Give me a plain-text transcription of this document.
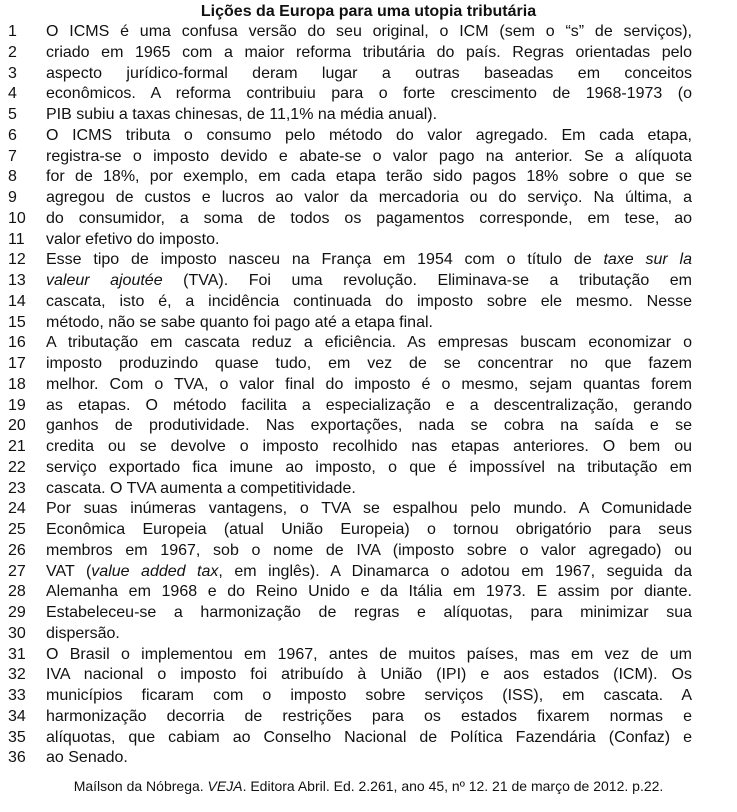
Lições da Europa para uma utopia tributária
1	O ICMS é uma confusa versão do seu original, o ICM (sem o “s” de serviços),
2	criado em 1965 com a maior reforma tributária do país. Regras orientadas pelo
3	aspecto jurídico-formal deram lugar a outras baseadas em conceitos
4	econômicos. A reforma contribuiu para o forte crescimento de 1968-1973 (o
5	PIB subiu a taxas chinesas, de 11,1% na média anual).
6	O ICMS tributa o consumo pelo método do valor agregado. Em cada etapa,
7	registra-se o imposto devido e abate-se o valor pago na anterior. Se a alíquota
8	for de 18%, por exemplo, em cada etapa terão sido pagos 18% sobre o que se
9	agregou de custos e lucros ao valor da mercadoria ou do serviço. Na última, a
10	do consumidor, a soma de todos os pagamentos corresponde, em tese, ao
11	valor efetivo do imposto.
12	Esse tipo de imposto nasceu na França em 1954 com o título de taxe sur la
13	valeur ajoutée (TVA). Foi uma revolução. Eliminava-se a tributação em
14	cascata, isto é, a incidência continuada do imposto sobre ele mesmo. Nesse
15	método, não se sabe quanto foi pago até a etapa final.
16	A tributação em cascata reduz a eficiência. As empresas buscam economizar o
17	imposto produzindo quase tudo, em vez de se concentrar no que fazem
18	melhor. Com o TVA, o valor final do imposto é o mesmo, sejam quantas forem
19	as etapas. O método facilita a especialização e a descentralização, gerando
20	ganhos de produtividade. Nas exportações, nada se cobra na saída e se
21	credita ou se devolve o imposto recolhido nas etapas anteriores. O bem ou
22	serviço exportado fica imune ao imposto, o que é impossível na tributação em
23	cascata. O TVA aumenta a competitividade.
24	Por suas inúmeras vantagens, o TVA se espalhou pelo mundo. A Comunidade
25	Econômica Europeia (atual União Europeia) o tornou obrigatório para seus
26	membros em 1967, sob o nome de IVA (imposto sobre o valor agregado) ou
27	VAT (value added tax, em inglês). A Dinamarca o adotou em 1967, seguida da
28	Alemanha em 1968 e do Reino Unido e da Itália em 1973. E assim por diante.
29	Estabeleceu-se a harmonização de regras e alíquotas, para minimizar sua
30	dispersão.
31	O Brasil o implementou em 1967, antes de muitos países, mas em vez de um
32	IVA nacional o imposto foi atribuído à União (IPI) e aos estados (ICM). Os
33	municípios ficaram com o imposto sobre serviços (ISS), em cascata. A
34	harmonização decorria de restrições para os estados fixarem normas e
35	alíquotas, que cabiam ao Conselho Nacional de Política Fazendária (Confaz) e
36	ao Senado.
Maílson da Nóbrega. VEJA. Editora Abril. Ed. 2.261, ano 45, nº 12. 21 de março de 2012. p.22.
